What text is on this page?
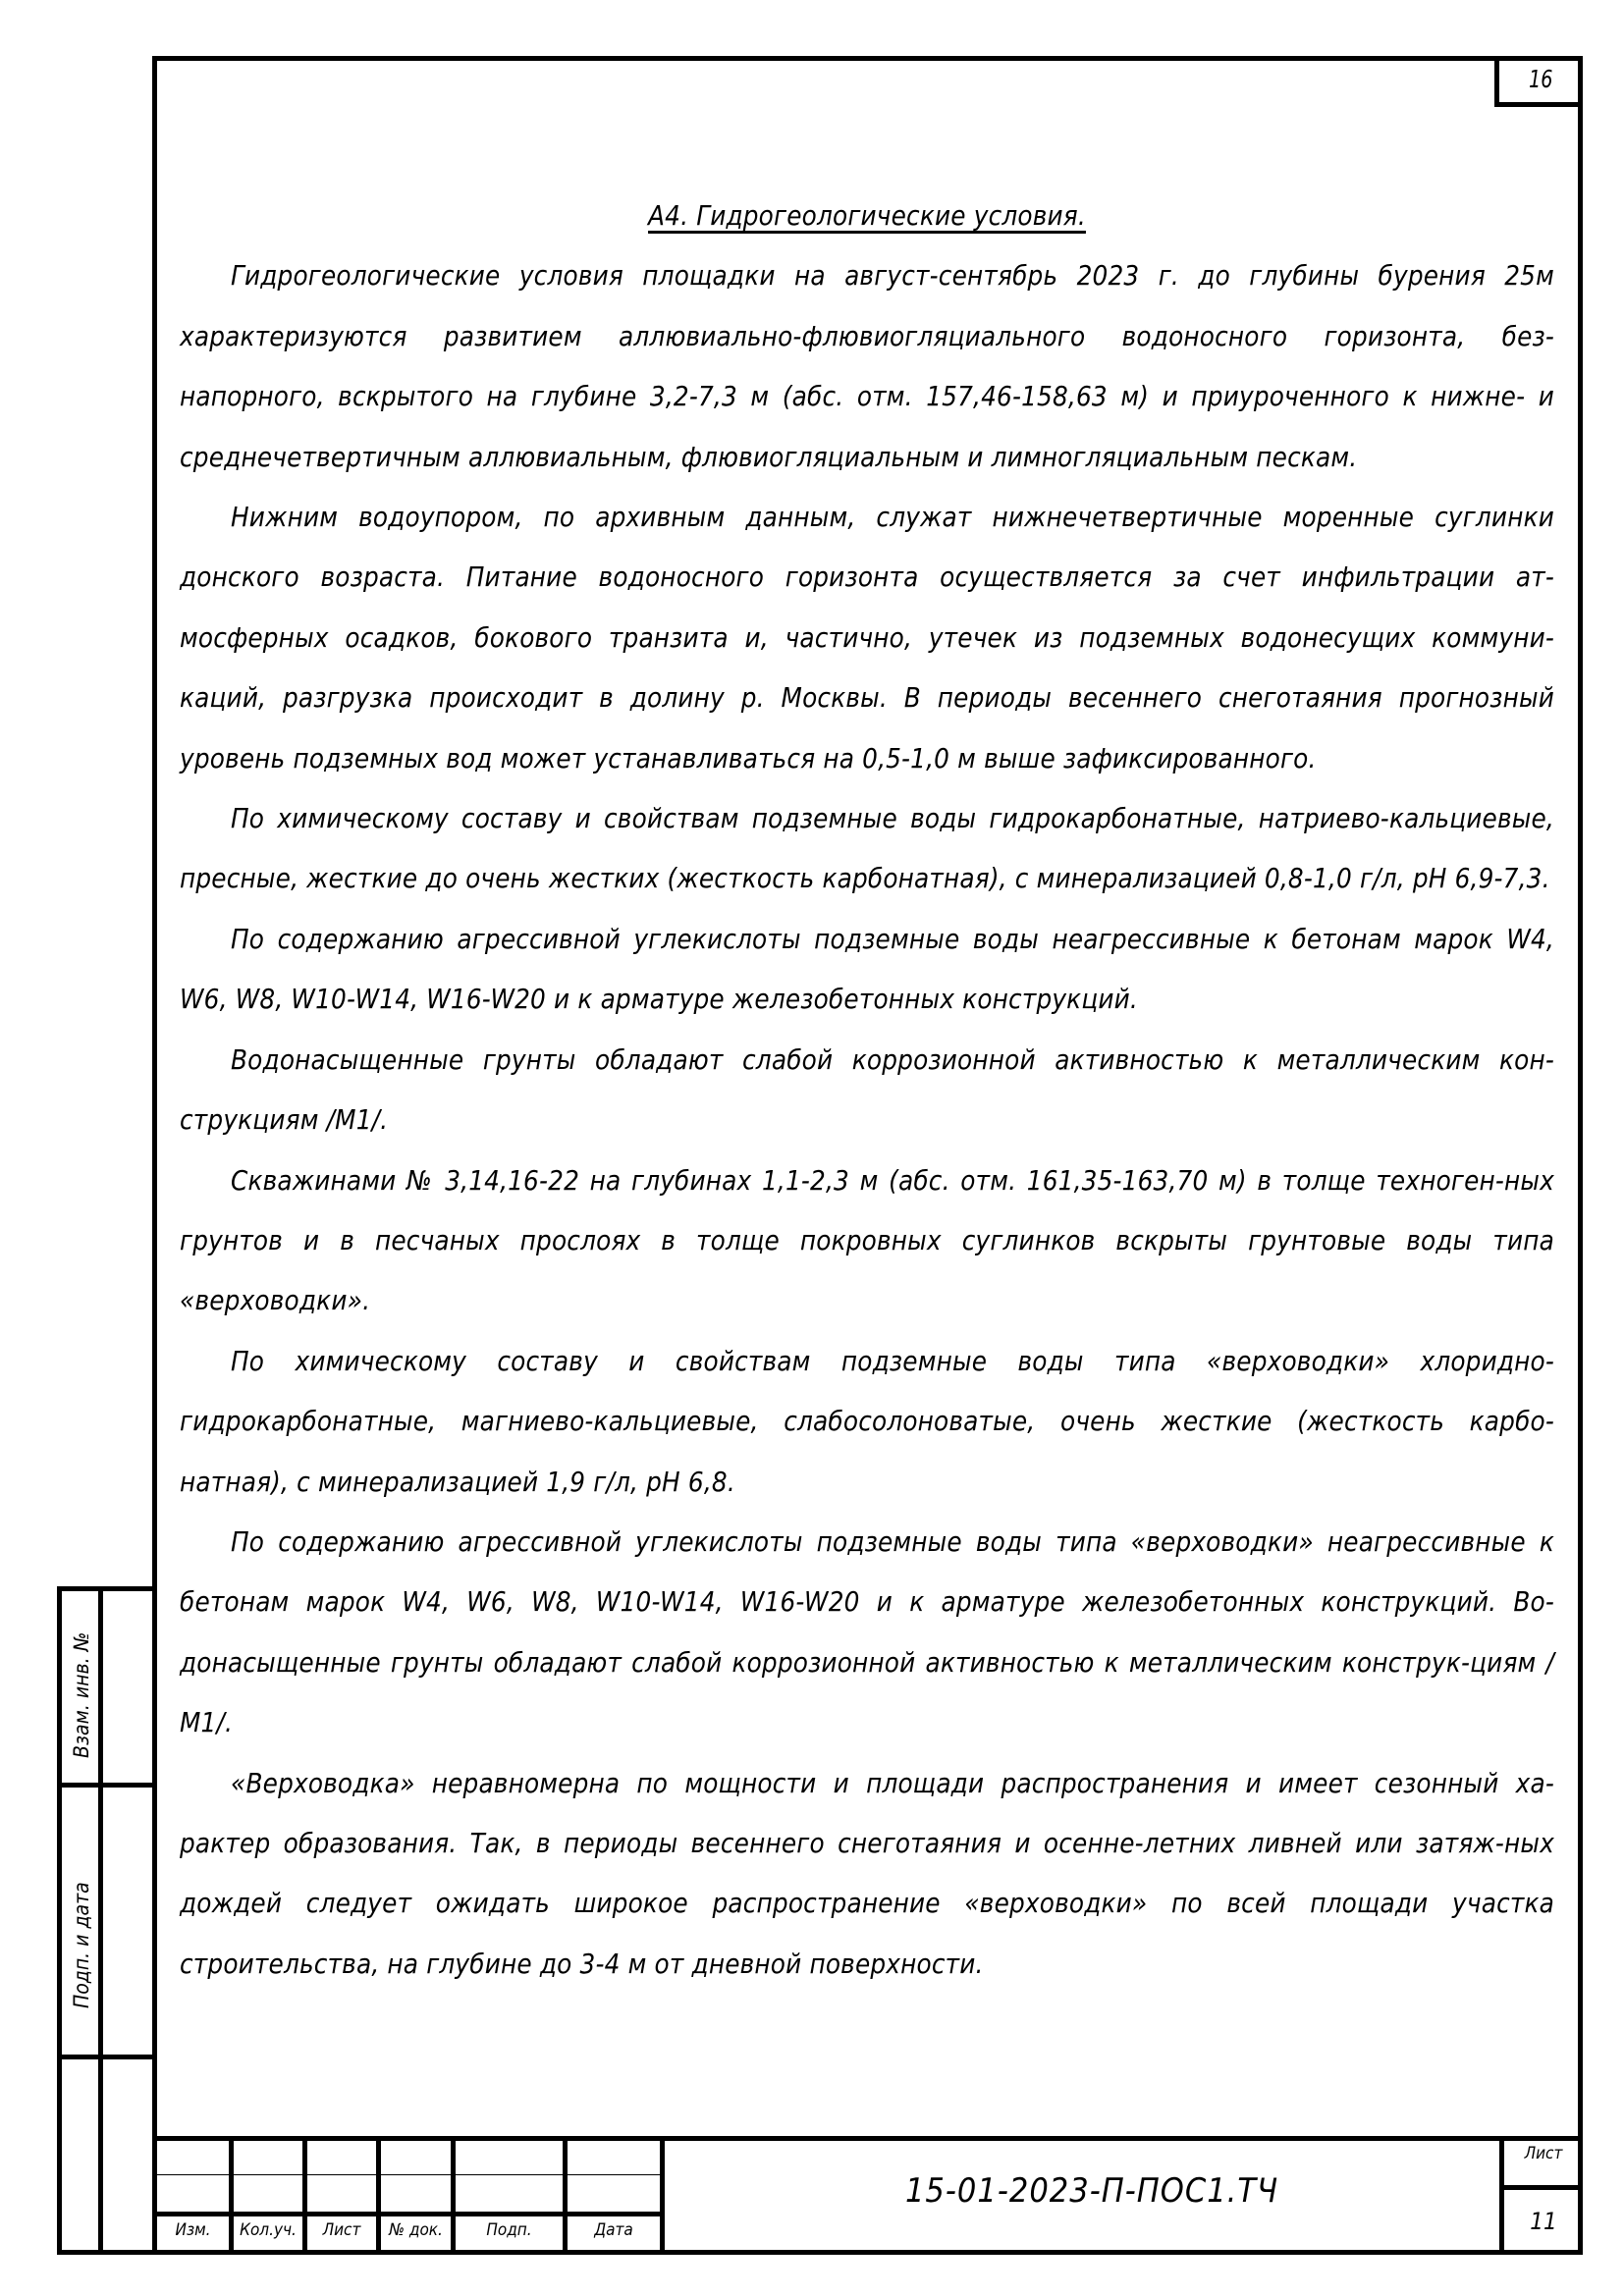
16

А4. Гидрогеологические условия.

Гидрогеологические условия площадки на август-сентябрь 2023 г. до глубины бурения 25м характеризуются развитием аллювиально-флювиогляциального водоносного горизонта, без-напорного, вскрытого на глубине 3,2-7,3 м (абс. отм. 157,46-158,63 м) и приуроченного к нижне- и среднечетвертичным аллювиальным, флювиогляциальным и лимногляциальным пескам.

Нижним водоупором, по архивным данным, служат нижнечетвертичные моренные суглинки донского возраста. Питание водоносного горизонта осуществляется за счет инфильтрации ат-мосферных осадков, бокового транзита и, частично, утечек из подземных водонесущих коммуни-каций, разгрузка происходит в долину р. Москвы. В периоды весеннего снеготаяния прогнозный уровень подземных вод может устанавливаться на 0,5-1,0 м выше зафиксированного.

По химическому составу и свойствам подземные воды гидрокарбонатные, натриево-кальциевые, пресные, жесткие до очень жестких (жесткость карбонатная), с минерализацией 0,8-1,0 г/л, pH 6,9-7,3.

По содержанию агрессивной углекислоты подземные воды неагрессивные к бетонам марок W4, W6, W8, W10-W14, W16-W20 и к арматуре железобетонных конструкций.

Водонасыщенные грунты обладают слабой коррозионной активностью к металлическим кон-струкциям /М1/.

Скважинами № 3,14,16-22 на глубинах 1,1-2,3 м (абс. отм. 161,35-163,70 м) в толще техноген-ных грунтов и в песчаных прослоях в толще покровных суглинков вскрыты грунтовые воды типа «верховодки».

По химическому составу и свойствам подземные воды типа «верховодки» хлоридно-гидрокарбонатные, магниево-кальциевые, слабосолоноватые, очень жесткие (жесткость карбо-натная), с минерализацией 1,9 г/л, pH 6,8.

По содержанию агрессивной углекислоты подземные воды типа «верховодки» неагрессивные к бетонам марок W4, W6, W8, W10-W14, W16-W20 и к арматуре железобетонных конструкций. Во-донасыщенные грунты обладают слабой коррозионной активностью к металлическим конструк-циям /М1/.

«Верховодка» неравномерна по мощности и площади распространения и имеет сезонный ха-рактер образования. Так, в периоды весеннего снеготаяния и осенне-летних ливней или затяж-ных дождей следует ожидать широкое распространение «верховодки» по всей площади участка строительства, на глубине до 3-4 м от дневной поверхности.

Взам. инв. №
Подп. и дата
Изм.	Кол.уч.	Лист	№ док.	Подп.	Дата
15-01-2023-П-ПОС1.ТЧ
Лист
11
